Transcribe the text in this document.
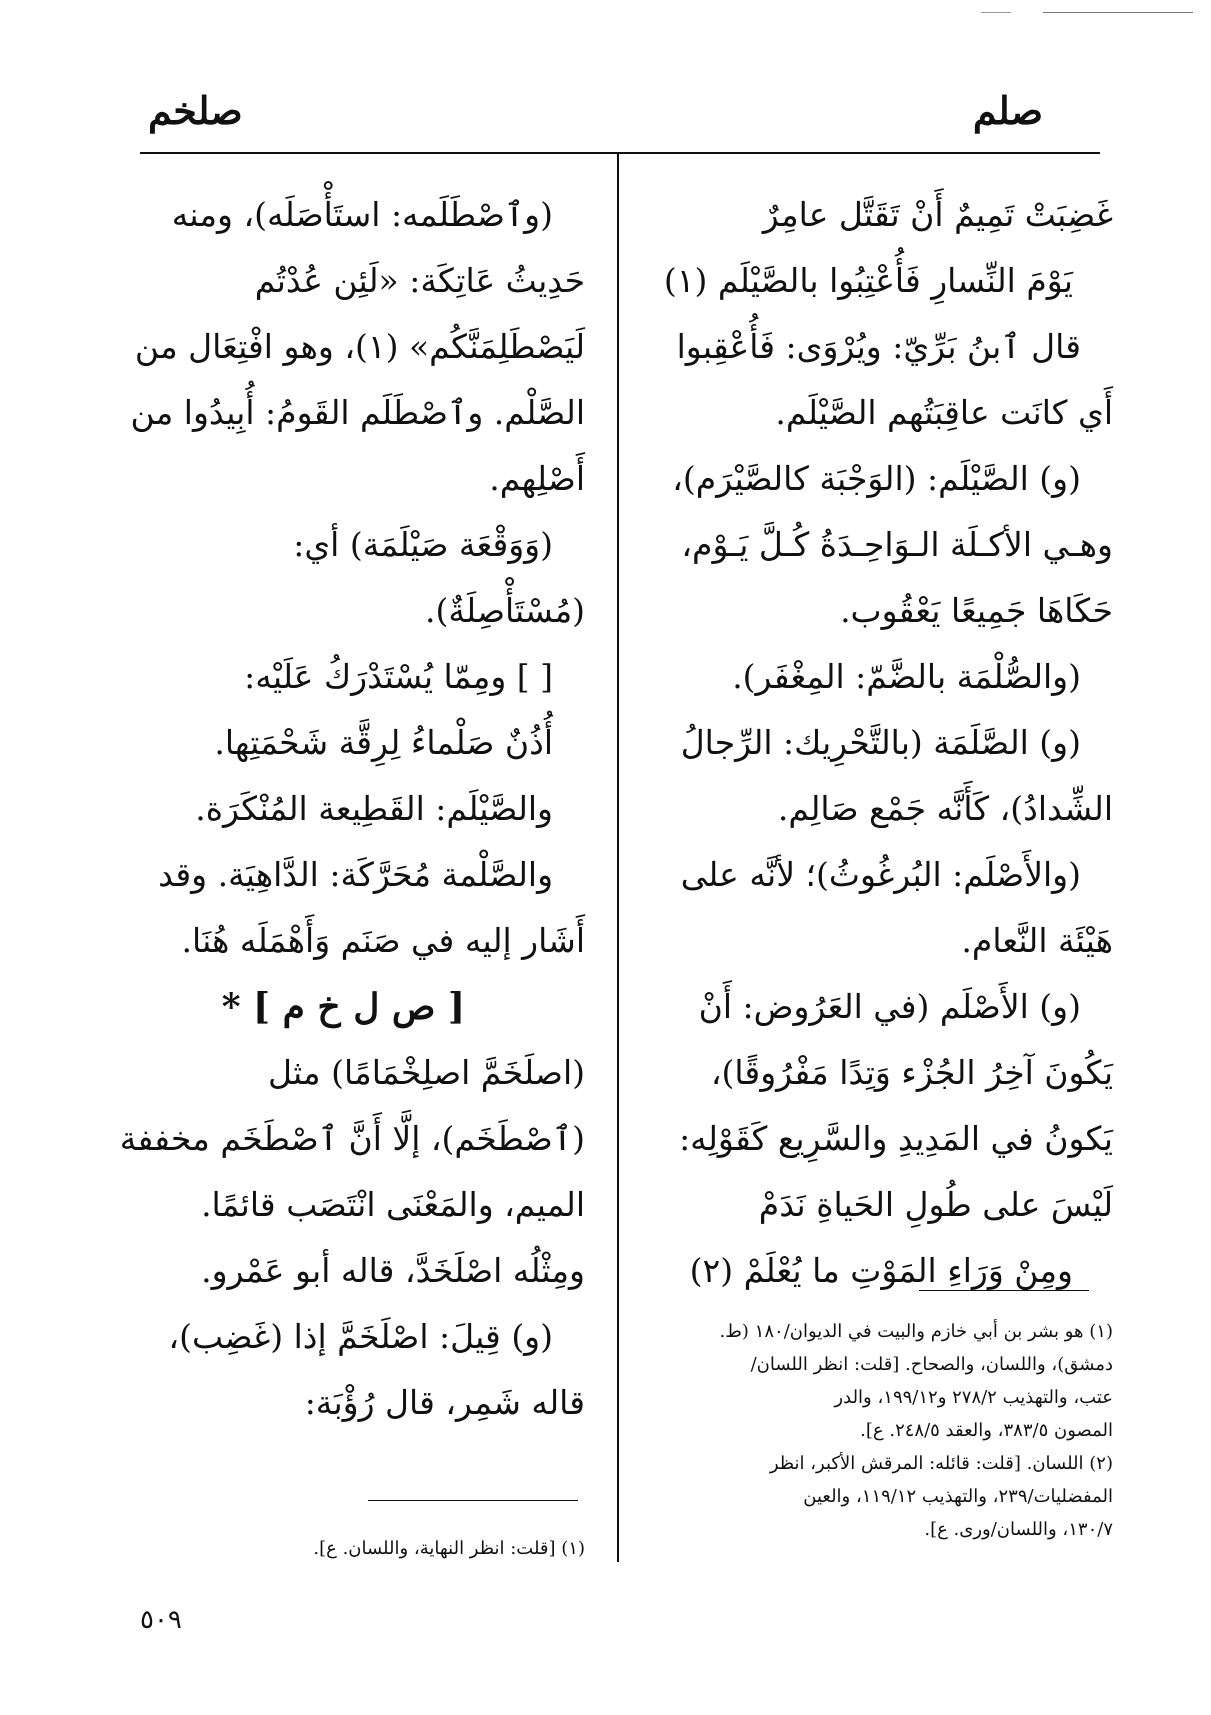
صلم
صلخم

غَضِبَتْ تَمِيمٌ أَنْ تَقَتَّل عامِرٌ

يَوْمَ النِّسارِ فَأُعْتِبُوا بالصَّيْلَم (١)

قال ٱبنُ بَرِّيّ: ويُرْوَى: فَأُعْقِبوا

أَي كانَت عاقِبَتُهم الصَّيْلَم.

(و) الصَّيْلَم: (الوَجْبَة كالصَّيْرَم)،

وهـي الأكـلَة الـوَاحِـدَةُ كُـلَّ يَـوْم،

حَكَاهَا جَمِيعًا يَعْقُوب.

(والصُّلْمَة بالضَّمّ: المِغْفَر).

(و) الصَّلَمَة (بالتَّحْرِيك: الرِّجالُ

الشِّدادُ)، كَأَنَّه جَمْع صَالِم.

(والأَصْلَم: البُرغُوثُ)؛ لأنَّه على

هَيْئَة النَّعام.

(و) الأَصْلَم (في العَرُوض: أَنْ

يَكُونَ آخِرُ الجُزْء وَتِدًا مَفْرُوقًا)،

يَكونُ في المَدِيدِ والسَّرِيع كَقَوْلِه:

لَيْسَ على طُولِ الحَياةِ نَدَمْ

ومِنْ وَرَاءِ المَوْتِ ما يُعْلَمْ (٢)

(وٱصْطَلَمه: استَأْصَلَه)، ومنه

حَدِيثُ عَاتِكَة: «لَئِن عُدْتُم

لَيَصْطَلِمَنَّكُم» (١)، وهو افْتِعَال من

الصَّلْم. وٱصْطَلَم القَومُ: أُبِيدُوا من

أَصْلِهم.

(وَوَقْعَة صَيْلَمَة) أي:

(مُسْتَأْصِلَةٌ).

[ ] ومِمّا يُسْتَدْرَكُ عَلَيْه:

أُذُنٌ صَلْماءُ لِرِقَّة شَحْمَتِها.

والصَّيْلَم: القَطِيعة المُنْكَرَة.

والصَّلْمة مُحَرَّكَة: الدَّاهِيَة. وقد

أَشَار إليه في صَنَم وَأَهْمَلَه هُنَا.

[ ص ل خ م ] *

(اصلَخَمَّ اصلِخْمَامًا) مثل

(ٱصْطَخَم)، إلَّا أَنَّ ٱصْطَخَم مخففة

الميم، والمَعْنَى انْتَصَب قائمًا.

ومِثْلُه اصْلَخَدَّ، قاله أبو عَمْرو.

(و) قِيلَ: اصْلَخَمَّ إذا (غَضِب)،

قاله شَمِر، قال رُؤْبَة:

(١) هو بشر بن أبي خازم والبيت في الديوان/١٨٠ (ط.

دمشق)، واللسان، والصحاح. [قلت: انظر اللسان/

عتب، والتهذيب ٢٧٨/٢ و١٩٩/١٢، والدر

المصون ٣٨٣/٥، والعقد ٢٤٨/٥. ع].

(٢) اللسان. [قلت: قائله: المرقش الأكبر، انظر

المفضليات/٢٣٩، والتهذيب ١١٩/١٢، والعين

١٣٠/٧، واللسان/ورى. ع].

(١) [قلت: انظر النهاية، واللسان. ع].

٥٠٩
